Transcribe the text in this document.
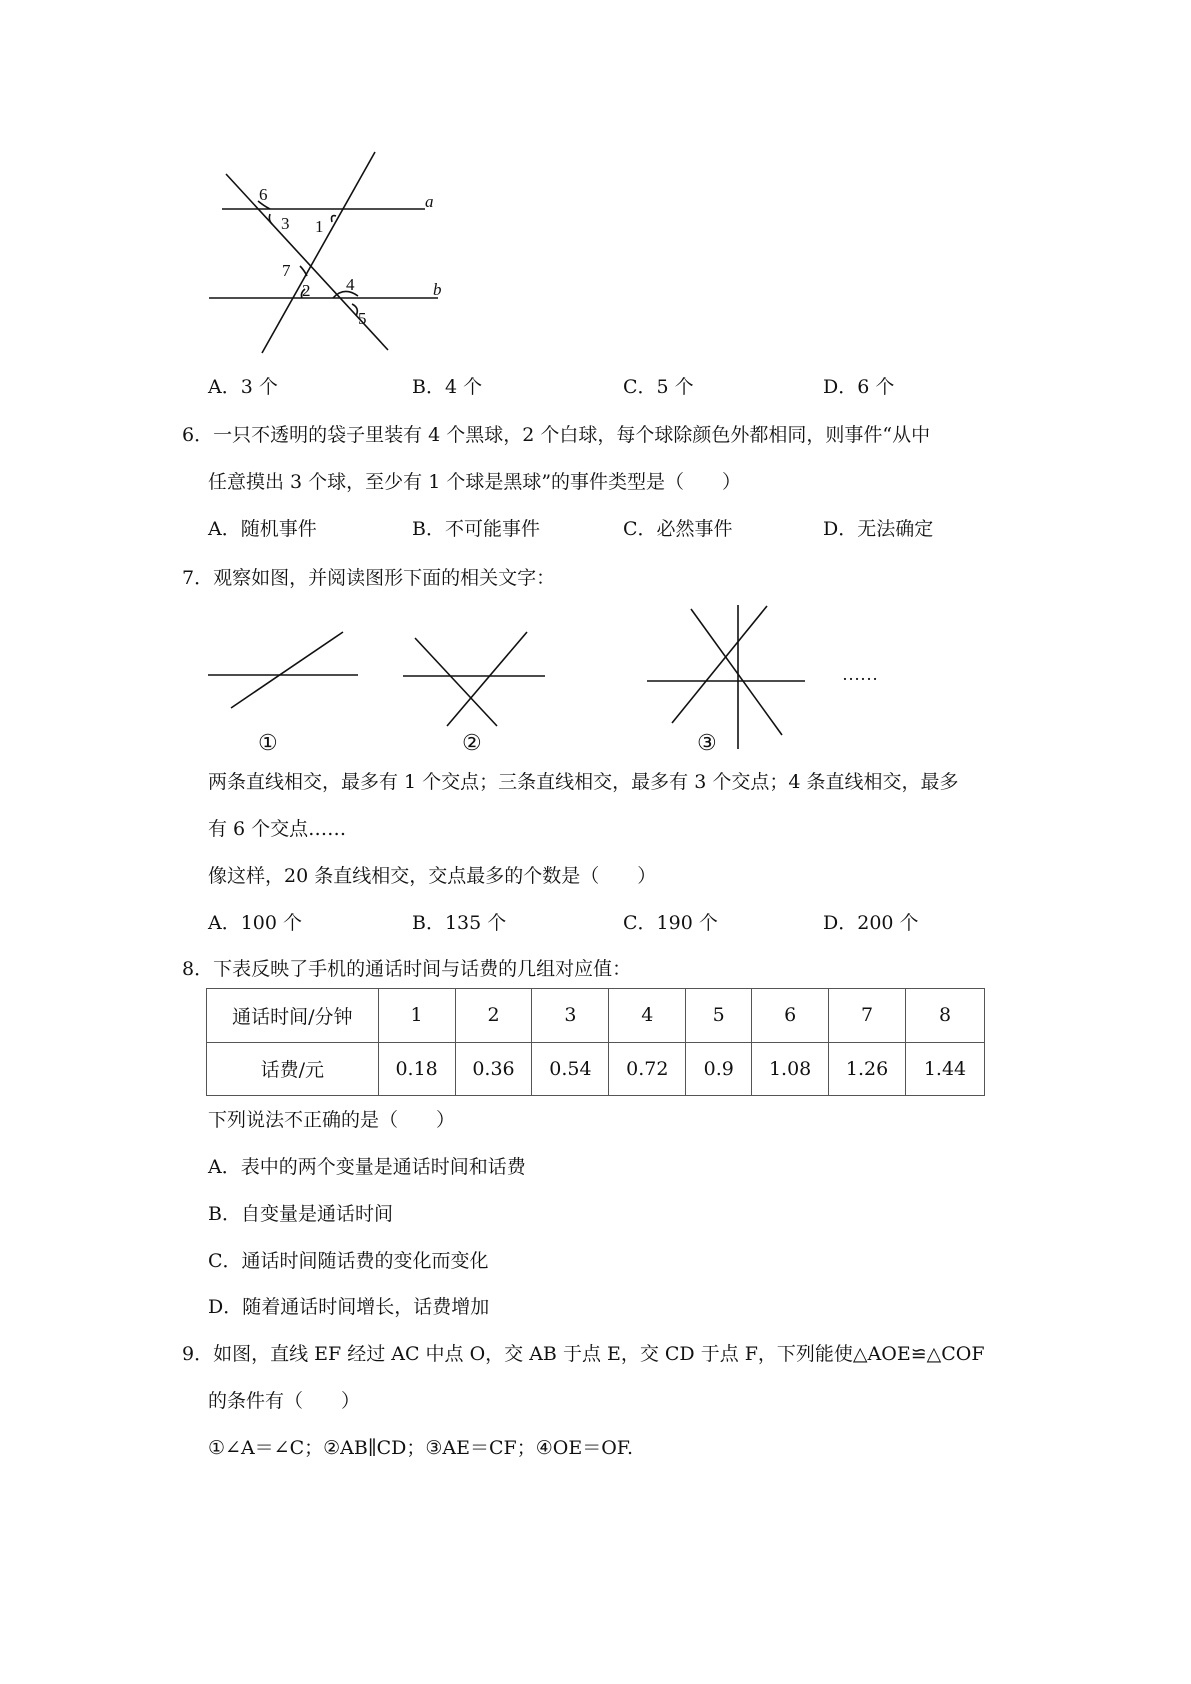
6
3 1
a
7
2 4	b
5
A．3 个	B．4 个	C．5 个	D．6 个
6．一只不透明的袋子里装有 4 个黑球，2 个白球，每个球除颜色外都相同，则事件“从中
任意摸出 3 个球，至少有 1 个球是黑球”的事件类型是（　　）
A．随机事件	B．不可能事件	C．必然事件	D．无法确定
7．观察如图，并阅读图形下面的相关文字：
①	②	③
……
两条直线相交，最多有 1 个交点；三条直线相交，最多有 3 个交点；4 条直线相交，最多
有 6 个交点……
像这样，20 条直线相交，交点最多的个数是（　　）
A．100 个	B．135 个	C．190 个	D．200 个
8．下表反映了手机的通话时间与话费的几组对应值：
通话时间/分钟	1	2	3	4	5	6	7	8
话费/元	0.18	0.36	0.54	0.72	0.9	1.08	1.26	1.44
下列说法不正确的是（　　）
A．表中的两个变量是通话时间和话费
B．自变量是通话时间
C．通话时间随话费的变化而变化
D．随着通话时间增长，话费增加
9．如图，直线 EF 经过 AC 中点 O，交 AB 于点 E，交 CD 于点 F，下列能使△AOE≌△COF
的条件有（　　）
①∠A＝∠C；②AB∥CD；③AE＝CF；④OE＝OF.
